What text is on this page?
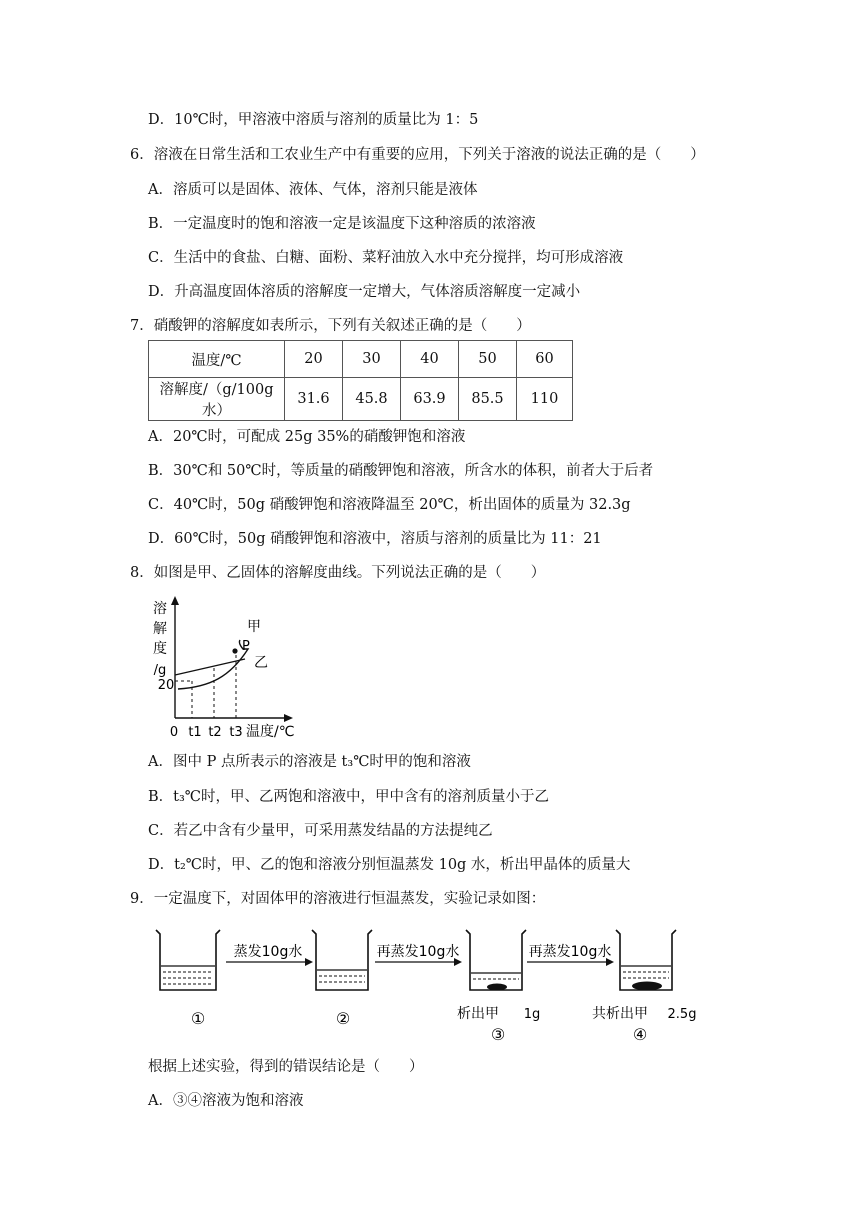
D．10℃时，甲溶液中溶质与溶剂的质量比为 1：5
6．溶液在日常生活和工农业生产中有重要的应用，下列关于溶液的说法正确的是（　　）
A．溶质可以是固体、液体、气体，溶剂只能是液体
B．一定温度时的饱和溶液一定是该温度下这种溶质的浓溶液
C．生活中的食盐、白糖、面粉、菜籽油放入水中充分搅拌，均可形成溶液
D．升高温度固体溶质的溶解度一定增大，气体溶质溶解度一定减小
7．硝酸钾的溶解度如表所示，下列有关叙述正确的是（　　）
温度/℃	20	30	40	50	60
溶解度/（g/100g 水）	31.6	45.8	63.9	85.5	110
A．20℃时，可配成 25g 35%的硝酸钾饱和溶液
B．30℃和 50℃时，等质量的硝酸钾饱和溶液，所含水的体积，前者大于后者
C．40℃时，50g 硝酸钾饱和溶液降温至 20℃，析出固体的质量为 32.3g
D．60℃时，50g 硝酸钾饱和溶液中，溶质与溶剂的质量比为 11：21
8．如图是甲、乙固体的溶解度曲线。下列说法正确的是（　　）
溶
解
度
/g
20
P
甲
乙
0 t1 t2 t3 温度/℃
A．图中 P 点所表示的溶液是 t₃℃时甲的饱和溶液
B．t₃℃时，甲、乙两饱和溶液中，甲中含有的溶剂质量小于乙
C．若乙中含有少量甲，可采用蒸发结晶的方法提纯乙
D．t₂℃时，甲、乙的饱和溶液分别恒温蒸发 10g 水，析出甲晶体的质量大
9．一定温度下，对固体甲的溶液进行恒温蒸发，实验记录如图：
①
蒸发10g水
②
再蒸发10g水
析出甲 1g
③
再蒸发10g水
共析出甲 2.5g
④
根据上述实验，得到的错误结论是（　　）
A．③④溶液为饱和溶液
